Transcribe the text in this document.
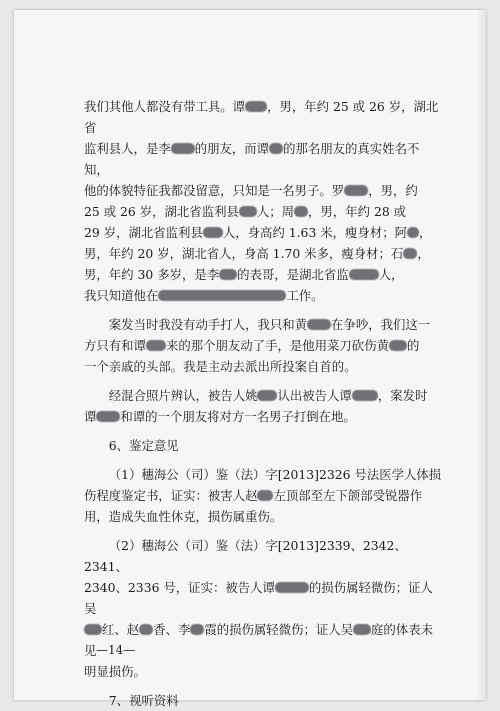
我们其他人都没有带工具。谭 ，男，年约 25 或 26 岁，湖北省
监利县人，是李 的朋友，而谭 的那名朋友的真实姓名不知，
他的体貌特征我都没留意，只知是一名男子。罗 ，男，约
25 或 26 岁，湖北省监利县 人；周 ，男，年约 28 或
29 岁，湖北省监利县 人，身高约 1.63 米，瘦身材；阿 ，
男，年约 20 岁，湖北省人，身高 1.70 米多，瘦身材；石 ，
男，年约 30 多岁，是李 的表哥，是湖北省监 人，
我只知道他在	工作。
案发当时我没有动手打人，我只和黄 在争吵，我们这一
方只有和谭 来的那个朋友动了手，是他用菜刀砍伤黄 的
一个亲戚的头部。我是主动去派出所投案自首的。
经混合照片辨认，被告人姚 认出被告人谭 ，案发时
谭 和谭的一个朋友将对方一名男子打倒在地。
6、鉴定意见
（1）穗海公（司）鉴（法）字[2013]2326 号法医学人体损
伤程度鉴定书，证实：被害人赵 左顶部至左下颌部受锐器作
用，造成失血性休克，损伤属重伤。
（2）穗海公（司）鉴（法）字[2013]2339、2342、2341、
2340、2336 号，证实：被告人谭	的损伤属轻微伤；证人吴
红、赵 香、李 霞的损伤属轻微伤；证人吴 庭的体表未见
明显损伤。
7、视听资料
—14—
